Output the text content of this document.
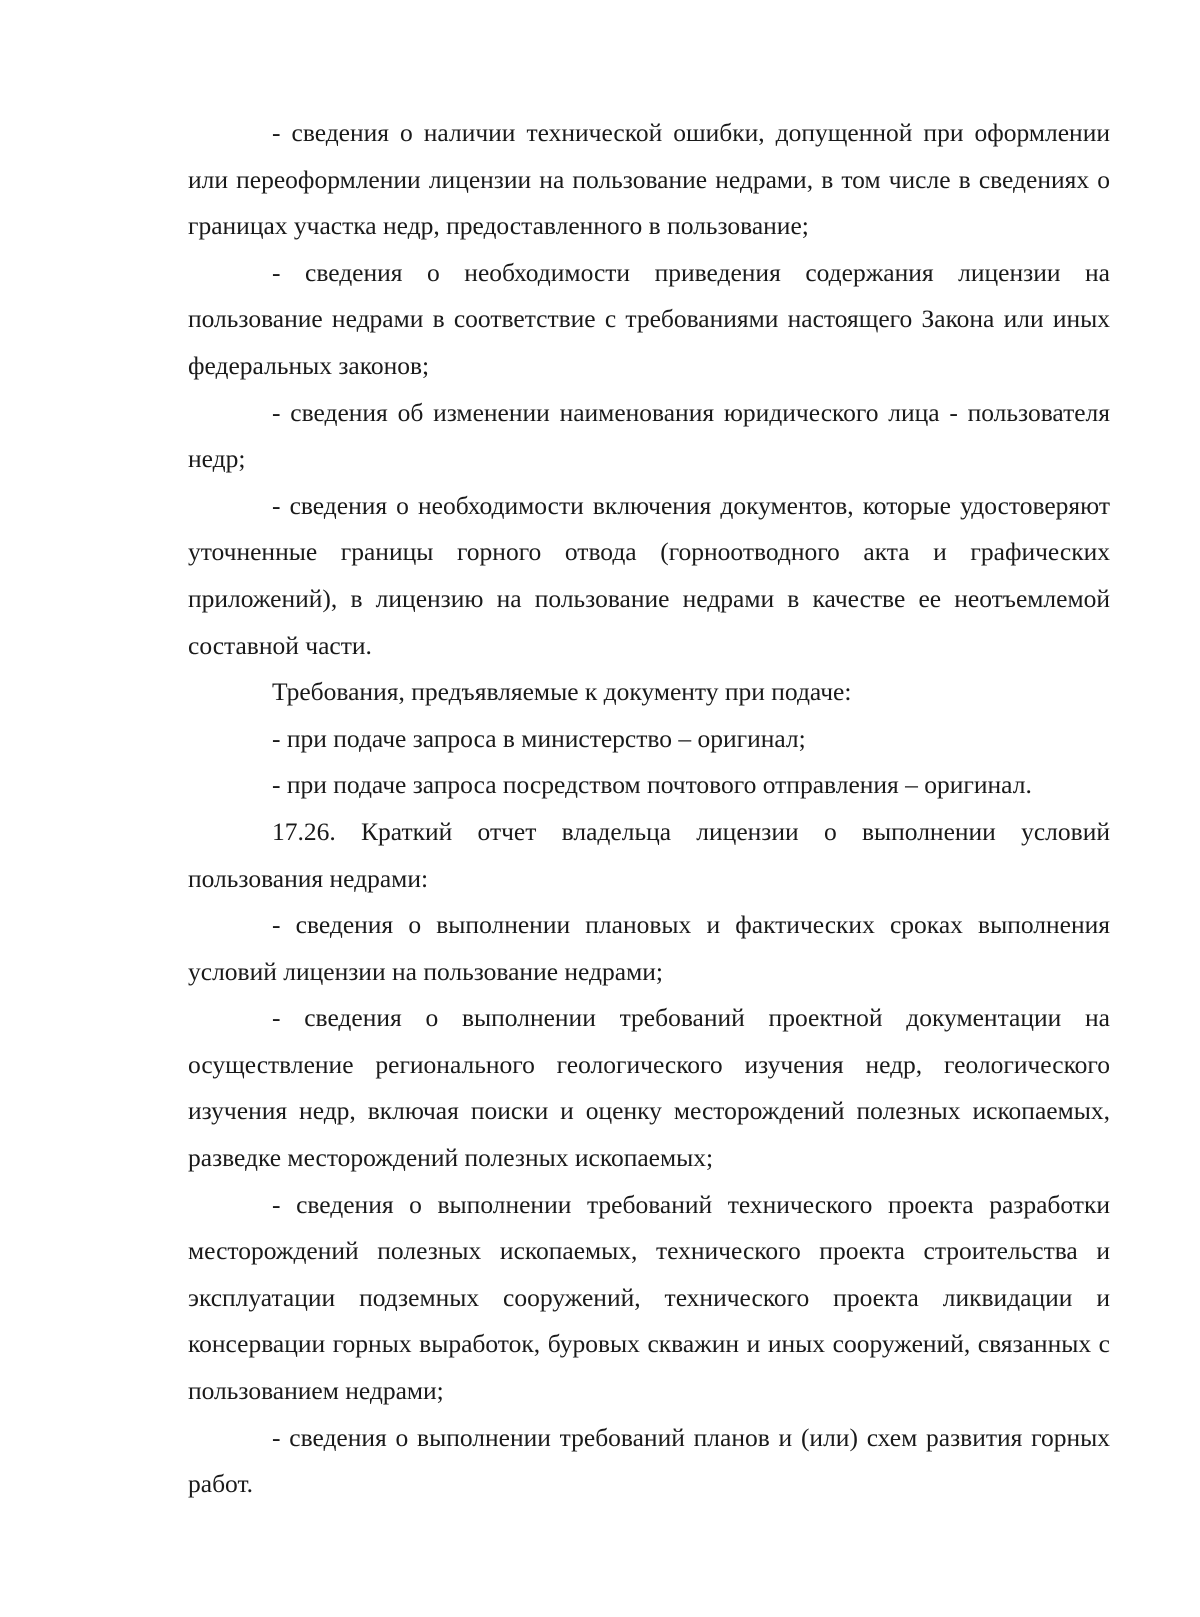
- сведения о наличии технической ошибки, допущенной при оформлении или переоформлении лицензии на пользование недрами, в том числе в сведениях о границах участка недр, предоставленного в пользование;

- сведения о необходимости приведения содержания лицензии на пользование недрами в соответствие с требованиями настоящего Закона или иных федеральных законов;

- сведения об изменении наименования юридического лица - пользователя недр;

- сведения о необходимости включения документов, которые удостоверяют уточненные границы горного отвода (горноотводного акта и графических приложений), в лицензию на пользование недрами в качестве ее неотъемлемой составной части.

Требования, предъявляемые к документу при подаче:

- при подаче запроса в министерство – оригинал;

- при подаче запроса посредством почтового отправления – оригинал.

17.26. Краткий отчет владельца лицензии о выполнении условий пользования недрами:

- сведения о выполнении плановых и фактических сроках выполнения условий лицензии на пользование недрами;

- сведения о выполнении требований проектной документации на осуществление регионального геологического изучения недр, геологического изучения недр, включая поиски и оценку месторождений полезных ископаемых, разведке месторождений полезных ископаемых;

- сведения о выполнении требований технического проекта разработки месторождений полезных ископаемых, технического проекта строительства и эксплуатации подземных сооружений, технического проекта ликвидации и консервации горных выработок, буровых скважин и иных сооружений, связанных с пользованием недрами;

- сведения о выполнении требований планов и (или) схем развития горных работ.
